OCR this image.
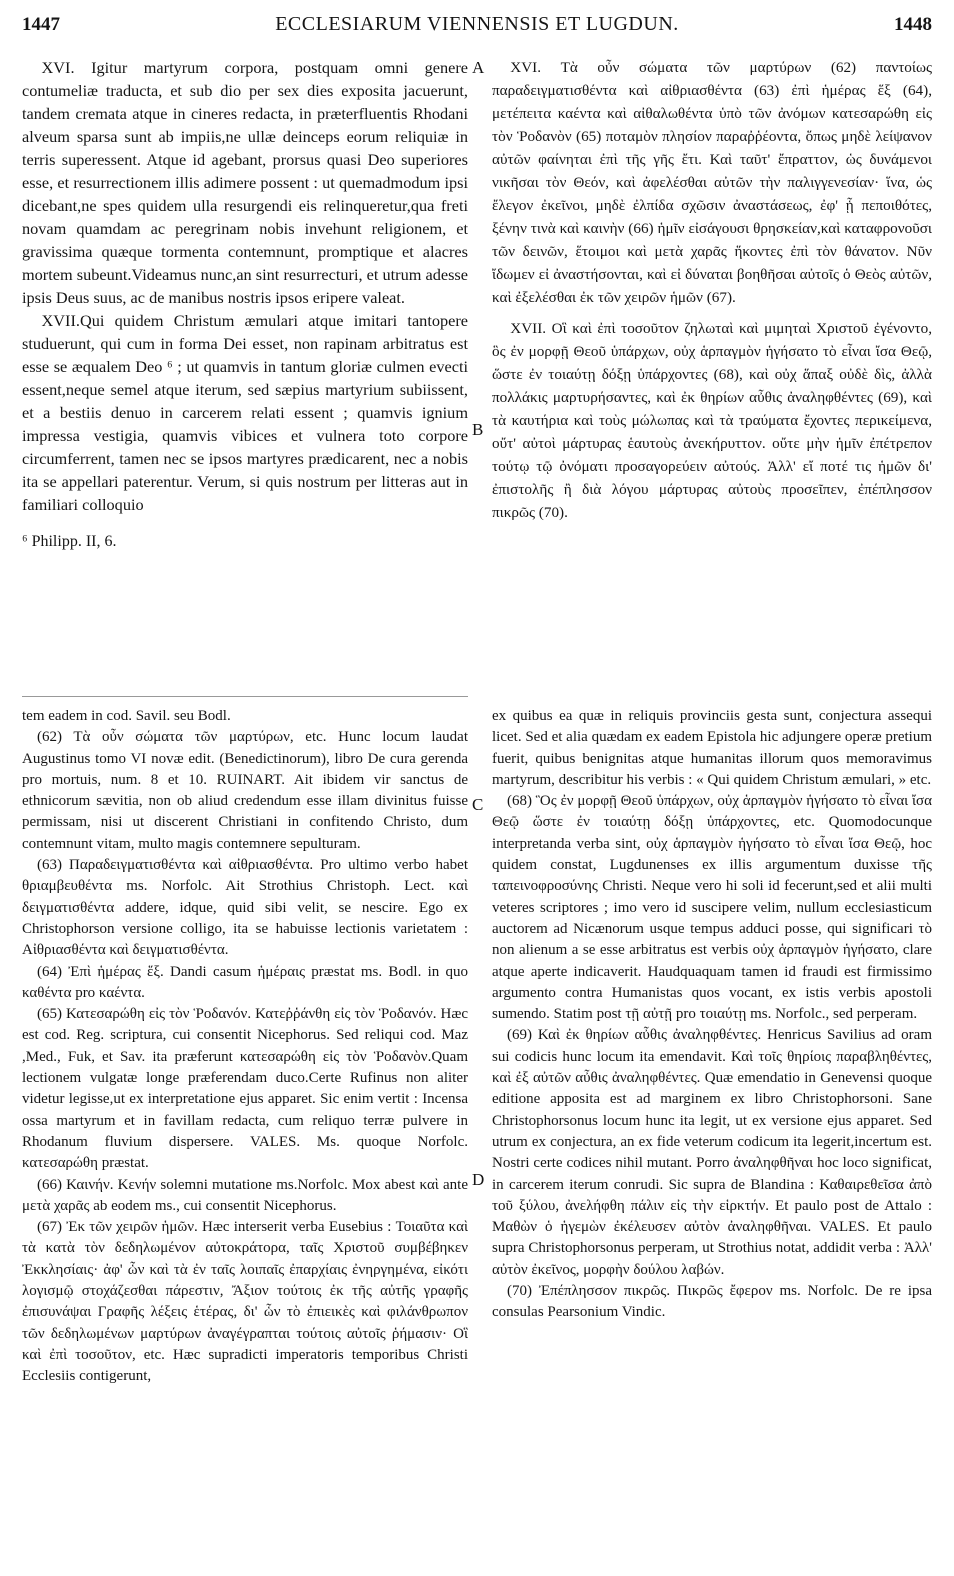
1447	ECCLESIARUM VIENNENSIS ET LUGDUN.	1448

XVI. Igitur martyrum corpora, postquam omni genere contumeliæ traducta, et sub dio per sex dies exposita jacuerunt, tandem cremata atque in cineres redacta, in præterfluentis Rhodani alveum sparsa sunt ab impiis,ne ullæ deinceps eorum reliquiæ in terris superessent. Atque id agebant, prorsus quasi Deo superiores esse, et resurrectionem illis adimere possent : ut quemadmodum ipsi dicebant,ne spes quidem ulla resurgendi eis relinqueretur,qua freti novam quamdam ac peregrinam nobis invehunt religionem, et gravissima quæque tormenta contemnunt, promptique et alacres mortem subeunt.Videamus nunc,an sint resurrecturi, et utrum adesse ipsis Deus suus, ac de manibus nostris ipsos eripere valeat.

XVII.Qui quidem Christum æmulari atque imitari tantopere studuerunt, qui cum in forma Dei esset, non rapinam arbitratus est esse se æqualem Deo ⁶ ; ut quamvis in tantum gloriæ culmen evecti essent,neque semel atque iterum, sed sæpius martyrium subiissent, et a bestiis denuo in carcerem relati essent ; quamvis ignium impressa vestigia, quamvis vibices et vulnera toto corpore circumferrent, tamen nec se ipsos martyres prædicarent, nec a nobis ita se appellari paterentur. Verum, si quis nostrum per litteras aut in familiari colloquio

⁶ Philipp. II, 6.

XVI. Τὰ οὖν σώματα τῶν μαρτύρων (62) παντοίως παραδειγματισθέντα καὶ αἰθριασθέντα (63) ἐπὶ ἡμέρας ἕξ (64), μετέπειτα καέντα καὶ αἰθαλωθέντα ὑπὸ τῶν ἀνόμων κατεσαρώθη εἰς τὸν Ῥοδανὸν (65) ποταμὸν πλησίον παραῤῥέοντα, ὅπως μηδὲ λείψανον αὐτῶν φαίνηται ἐπὶ τῆς γῆς ἔτι. Καὶ ταῦτ' ἔπραττον, ὡς δυνάμενοι νικῆσαι τὸν Θεόν, καὶ ἀφελέσθαι αὐτῶν τὴν παλιγγενεσίαν· ἵνα, ὡς ἔλεγον ἐκεῖνοι, μηδὲ ἐλπίδα σχῶσιν ἀναστάσεως, ἐφ' ᾗ πεποιθότες, ξένην τινὰ καὶ καινὴν (66) ἡμῖν εἰσάγουσι θρησκείαν,καὶ καταφρονοῦσι τῶν δεινῶν, ἕτοιμοι καὶ μετὰ χαρᾶς ἥκοντες ἐπὶ τὸν θάνατον. Νῦν ἴδωμεν εἰ ἀναστήσονται, καὶ εἰ δύναται βοηθῆσαι αὐτοῖς ὁ Θεὸς αὐτῶν, καὶ ἐξελέσθαι ἐκ τῶν χειρῶν ἡμῶν (67).

XVII. Οἳ καὶ ἐπὶ τοσοῦτον ζηλωταὶ καὶ μιμηταὶ Χριστοῦ ἐγένοντο, ὃς ἐν μορφῇ Θεοῦ ὑπάρχων, οὐχ ἁρπαγμὸν ἡγήσατο τὸ εἶναι ἴσα Θεῷ, ὥστε ἐν τοιαύτῃ δόξῃ ὑπάρχοντες (68), καὶ οὐχ ἅπαξ οὐδὲ δὶς, ἀλλὰ πολλάκις μαρτυρήσαντες, καὶ ἐκ θηρίων αὖθις ἀναληφθέντες (69), καὶ τὰ καυτήρια καὶ τοὺς μώλωπας καὶ τὰ τραύματα ἔχοντες περικείμενα, οὔτ' αὐτοὶ μάρτυρας ἑαυτοὺς ἀνεκήρυττον. οὔτε μὴν ἡμῖν ἐπέτρεπον τούτῳ τῷ ὀνόματι προσαγορεύειν αὐτούς. Ἀλλ' εἴ ποτέ τις ἡμῶν δι' ἐπιστολῆς ἢ διὰ λόγου μάρτυρας αὐτοὺς προσεῖπεν, ἐπέπλησσον πικρῶς (70).

A
B
C
D

tem eadem in cod. Savil. seu Bodl.

(62) Τὰ οὖν σώματα τῶν μαρτύρων, etc. Hunc locum laudat Augustinus tomo VI novæ edit. (Benedictinorum), libro De cura gerenda pro mortuis, num. 8 et 10. RUINART. Ait ibidem vir sanctus de ethnicorum sævitia, non ob aliud credendum esse illam divinitus fuisse permissam, nisi ut discerent Christiani in confitendo Christo, dum contemnunt vitam, multo magis contemnere sepulturam.

(63) Παραδειγματισθέντα καὶ αἰθριασθέντα. Pro ultimo verbo habet θριαμβευθέντα ms. Norfolc. Ait Strothius Christoph. Lect. καὶ δειγματισθέντα addere, idque, quid sibi velit, se nescire. Ego ex Christophorson versione colligo, ita se habuisse lectionis varietatem : Αἰθριασθέντα καὶ δειγματισθέντα.

(64) Ἐπὶ ἡμέρας ἕξ. Dandi casum ἡμέραις præstat ms. Bodl. in quo καθέντα pro καέντα.

(65) Κατεσαρώθη εἰς τὸν Ῥοδανόν. Κατεῤῥάνθη εἰς τὸν Ῥοδανόν. Hæc est cod. Reg. scriptura, cui consentit Nicephorus. Sed reliqui cod. Maz ,Med., Fuk, et Sav. ita præferunt κατεσαρώθη εἰς τὸν Ῥοδανὸν.Quam lectionem vulgatæ longe præferendam duco.Certe Rufinus non aliter videtur legisse,ut ex interpretatione ejus apparet. Sic enim vertit : Incensa ossa martyrum et in favillam redacta, cum reliquo terræ pulvere in Rhodanum fluvium dispersere. VALES. Ms. quoque Norfolc. κατεσαρώθη præstat.

(66) Καινήν. Κενήν solemni mutatione ms.Norfolc. Mox abest καὶ ante μετὰ χαρᾶς ab eodem ms., cui consentit Nicephorus.

(67) Ἐκ τῶν χειρῶν ἡμῶν. Hæc interserit verba Eusebius : Τοιαῦτα καὶ τὰ κατὰ τὸν δεδηλωμένον αὐτοκράτορα, ταῖς Χριστοῦ συμβέβηκεν Ἐκκλησίαις· ἀφ' ὧν καὶ τὰ ἐν ταῖς λοιπαῖς ἐπαρχίαις ἐνηργημένα, εἰκότι λογισμῷ στοχάζεσθαι πάρεστιν, Ἄξιον τούτοις ἐκ τῆς αὐτῆς γραφῆς ἐπισυνάψαι Γραφῆς λέξεις ἑτέρας, δι' ὧν τὸ ἐπιεικὲς καὶ φιλάνθρωπον τῶν δεδηλωμένων μαρτύρων ἀναγέγραπται τούτοις αὐτοῖς ῥήμασιν· Οἳ καὶ ἐπὶ τοσοῦτον, etc. Hæc supradicti imperatoris temporibus Christi Ecclesiis contigerunt,

ex quibus ea quæ in reliquis provinciis gesta sunt, conjectura assequi licet. Sed et alia quædam ex eadem Epistola hic adjungere operæ pretium fuerit, quibus benignitas atque humanitas illorum quos memoravimus martyrum, describitur his verbis : « Qui quidem Christum æmulari, » etc.

(68) Ὃς ἐν μορφῇ Θεοῦ ὑπάρχων, οὐχ ἁρπαγμὸν ἡγήσατο τὸ εἶναι ἴσα Θεῷ ὥστε ἐν τοιαύτῃ δόξῃ ὑπάρχοντες, etc. Quomodocunque interpretanda verba sint, οὐχ ἁρπαγμὸν ἡγήσατο τὸ εἶναι ἴσα Θεῷ, hoc quidem constat, Lugdunenses ex illis argumentum duxisse τῆς ταπεινοφροσύνης Christi. Neque vero hi soli id fecerunt,sed et alii multi veteres scriptores ; imo vero id suscipere velim, nullum ecclesiasticum auctorem ad Nicænorum usque tempus adduci posse, qui significari τὸ non alienum a se esse arbitratus est verbis οὐχ ἁρπαγμὸν ἡγήσατο, clare atque aperte indicaverit. Haudquaquam tamen id fraudi est firmissimo argumento contra Humanistas quos vocant, ex istis verbis apostoli sumendo. Statim post τῇ αὐτῇ pro τοιαύτῃ ms. Norfolc., sed perperam.

(69) Καὶ ἐκ θηρίων αὖθις ἀναληφθέντες. Henricus Savilius ad oram sui codicis hunc locum ita emendavit. Καὶ τοῖς θηρίοις παραβληθέντες, καὶ ἐξ αὐτῶν αὖθις ἀναληφθέντες. Quæ emendatio in Genevensi quoque editione apposita est ad marginem ex libro Christophorsoni. Sane Christophorsonus locum hunc ita legit, ut ex versione ejus apparet. Sed utrum ex conjectura, an ex fide veterum codicum ita legerit,incertum est. Nostri certe codices nihil mutant. Porro ἀναληφθῆναι hoc loco significat, in carcerem iterum conrudi. Sic supra de Blandina : Καθαιρεθεῖσα ἀπὸ τοῦ ξύλου, ἀνελήφθη πάλιν εἰς τὴν εἱρκτήν. Et paulo post de Attalo : Μαθὼν ὁ ἡγεμὼν ἐκέλευσεν αὐτὸν ἀναληφθῆναι. VALES. Et paulo supra Christophorsonus perperam, ut Strothius notat, addidit verba : Ἀλλ' αὐτὸν ἐκεῖνος, μορφὴν δούλου λαβών.

(70) Ἐπέπλησσον πικρῶς. Πικρῶς ἔφερον ms. Norfolc. De re ipsa consulas Pearsonium Vindic.
